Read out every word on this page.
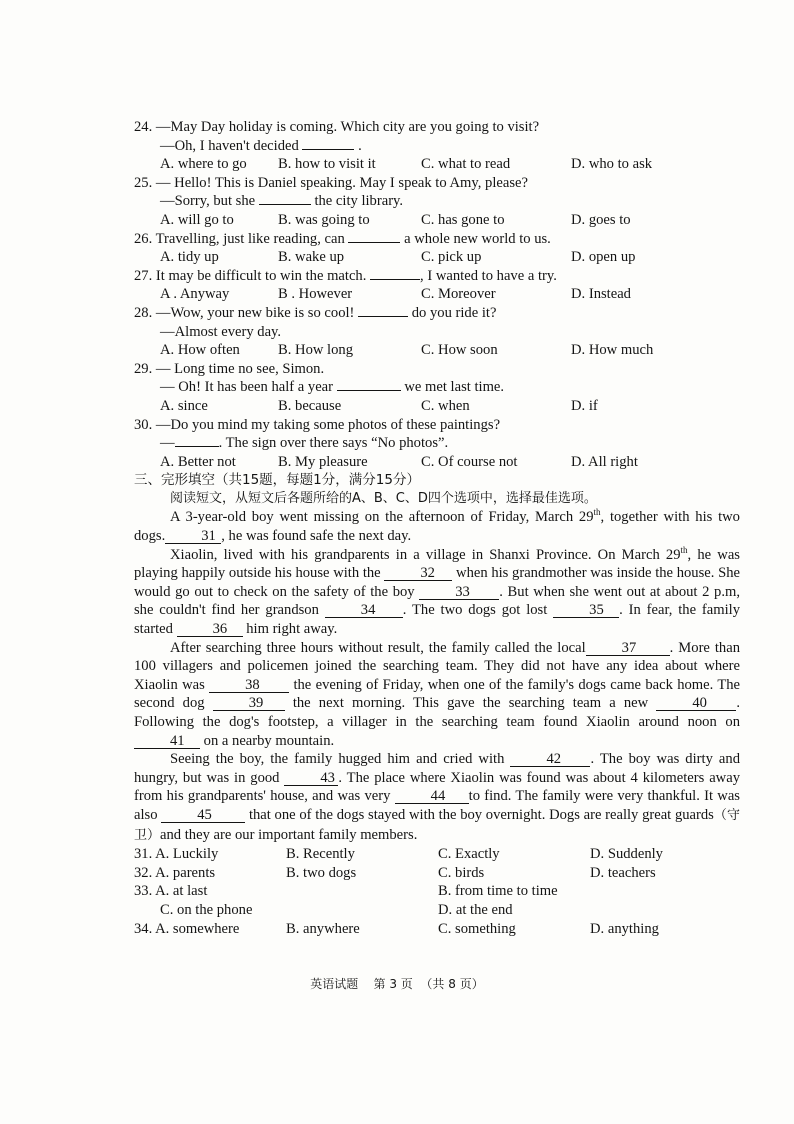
24. —May Day holiday is coming. Which city are you going to visit?
—Oh, I haven't decided	.
A. where to go	B. how to visit it	C. what to read	D. who to ask
25. — Hello! This is Daniel speaking. May I speak to Amy, please?
—Sorry, but she	the city library.
A. will go to	B. was going to	C. has gone to	D. goes to
26. Travelling, just like reading, can	a whole new world to us.
A. tidy up	B. wake up	C. pick up	D. open up
27. It may be difficult to win the match.	, I wanted to have a try.
A . Anyway	B . However	C. Moreover	D. Instead
28. —Wow, your new bike is so cool!	do you ride it?
—Almost every day.
A. How often	B. How long	C. How soon	D. How much
29. — Long time no see, Simon.
— Oh! It has been half a year	we met last time.
A. since	B. because	C. when	D. if
30. —Do you mind my taking some photos of these paintings?
—	. The sign over there says “No photos”.
A. Better not	B. My pleasure	C. Of course not	D. All right
三、完形填空（共15题，每题1分，满分15分）
阅读短文，从短文后各题所给的A、B、C、D四个选项中，选择最佳选项。

A 3-year-old boy went missing on the afternoon of Friday, March 29th, together with his two dogs. 31 , he was found safe the next day.

Xiaolin, lived with his grandparents in a village in Shanxi Province. On March 29th, he was playing happily outside his house with the	32 when his grandmother was inside the house. She would go out to check on the safety of the boy	33 . But when she went out at about 2 p.m, she couldn't find her grandson	34 . The two dogs got lost	35 . In fear, the family started	36 him right away.

After searching three hours without result, the family called the local 37 . More than 100 villagers and policemen joined the searching team. They did not have any idea about where Xiaolin was	38 the evening of Friday, when one of the family's dogs came back home. The second dog	39 the next morning. This gave the searching team a new	40 . Following the dog's footstep, a villager in the searching team found Xiaolin around noon on 41 on a nearby mountain.

Seeing the boy, the family hugged him and cried with	42 . The boy was dirty and hungry, but was in good	43 . The place where Xiaolin was found was about 4 kilometers away from his grandparents' house, and was very	44 to find. The family were very thankful. It was also	45	that one of the dogs stayed with the boy overnight. Dogs are really great guards（守卫）and they are our important family members.

31. A. Luckily	B. Recently	C. Exactly	D. Suddenly
32. A. parents	B. two dogs	C. birds	D. teachers
33. A. at last	B. from time to time
C. on the phone	D. at the end
34. A. somewhere	B. anywhere	C. something	D. anything
英语试题    第 3 页  （共 8 页）
